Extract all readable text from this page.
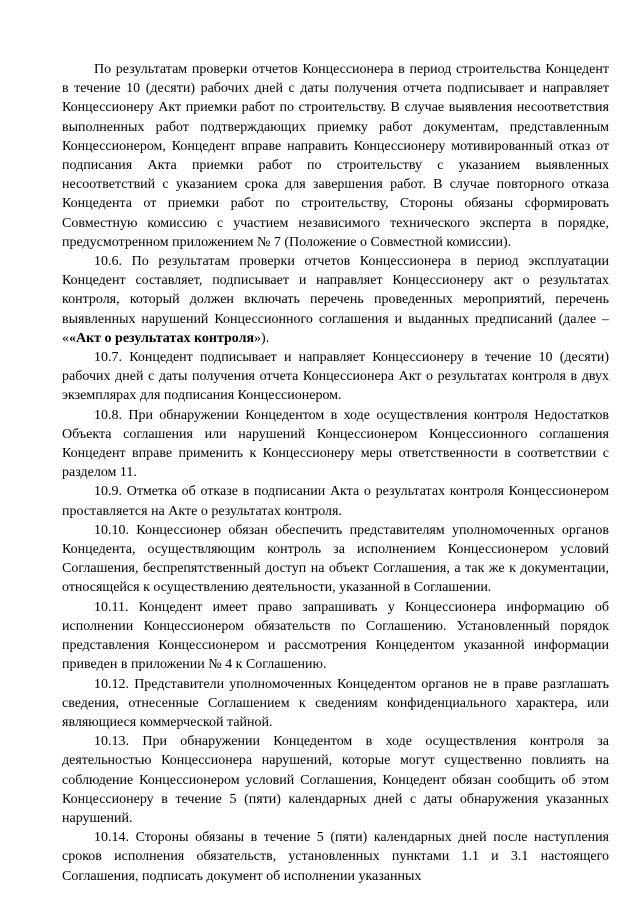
По результатам проверки отчетов Концессионера в период строительства Концедент в течение 10 (десяти) рабочих дней с даты получения отчета подписывает и направляет Концессионеру Акт приемки работ по строительству. В случае выявления несоответствия выполненных работ подтверждающих приемку работ документам, представленным Концессионером, Концедент вправе направить Концессионеру мотивированный отказ от подписания Акта приемки работ по строительству с указанием выявленных несоответствий с указанием срока для завершения работ. В случае повторного отказа Концедента от приемки работ по строительству, Стороны обязаны сформировать Совместную комиссию с участием независимого технического эксперта в порядке, предусмотренном приложением № 7 (Положение о Совместной комиссии).

10.6. По результатам проверки отчетов Концессионера в период эксплуатации Концедент составляет, подписывает и направляет Концессионеру акт о результатах контроля, который должен включать перечень проведенных мероприятий, перечень выявленных нарушений Концессионного соглашения и выданных предписаний (далее – ««Акт о результатах контроля»).

10.7. Концедент подписывает и направляет Концессионеру в течение 10 (десяти) рабочих дней с даты получения отчета Концессионера Акт о результатах контроля в двух экземплярах для подписания Концессионером.

10.8. При обнаружении Концедентом в ходе осуществления контроля Недостатков Объекта соглашения или нарушений Концессионером Концессионного соглашения Концедент вправе применить к Концессионеру меры ответственности в соответствии с разделом 11.

10.9. Отметка об отказе в подписании Акта о результатах контроля Концессионером проставляется на Акте о результатах контроля.

10.10. Концессионер обязан обеспечить представителям уполномоченных органов Концедента, осуществляющим контроль за исполнением Концессионером условий Соглашения, беспрепятственный доступ на объект Соглашения, а так же к документации, относящейся к осуществлению деятельности, указанной в Соглашении.

10.11. Концедент имеет право запрашивать у Концессионера информацию об исполнении Концессионером обязательств по Соглашению. Установленный порядок представления Концессионером и рассмотрения Концедентом указанной информации приведен в приложении № 4 к Соглашению.

10.12. Представители уполномоченных Концедентом органов не в праве разглашать сведения, отнесенные Соглашением к сведениям конфиденциального характера, или являющиеся коммерческой тайной.

10.13. При обнаружении Концедентом в ходе осуществления контроля за деятельностью Концессионера нарушений, которые могут существенно повлиять на соблюдение Концессионером условий Соглашения, Концедент обязан сообщить об этом Концессионеру в течение 5 (пяти) календарных дней с даты обнаружения указанных нарушений.

10.14. Стороны обязаны в течение 5 (пяти) календарных дней после наступления сроков исполнения обязательств, установленных пунктами 1.1 и 3.1 настоящего Соглашения, подписать документ об исполнении указанных
